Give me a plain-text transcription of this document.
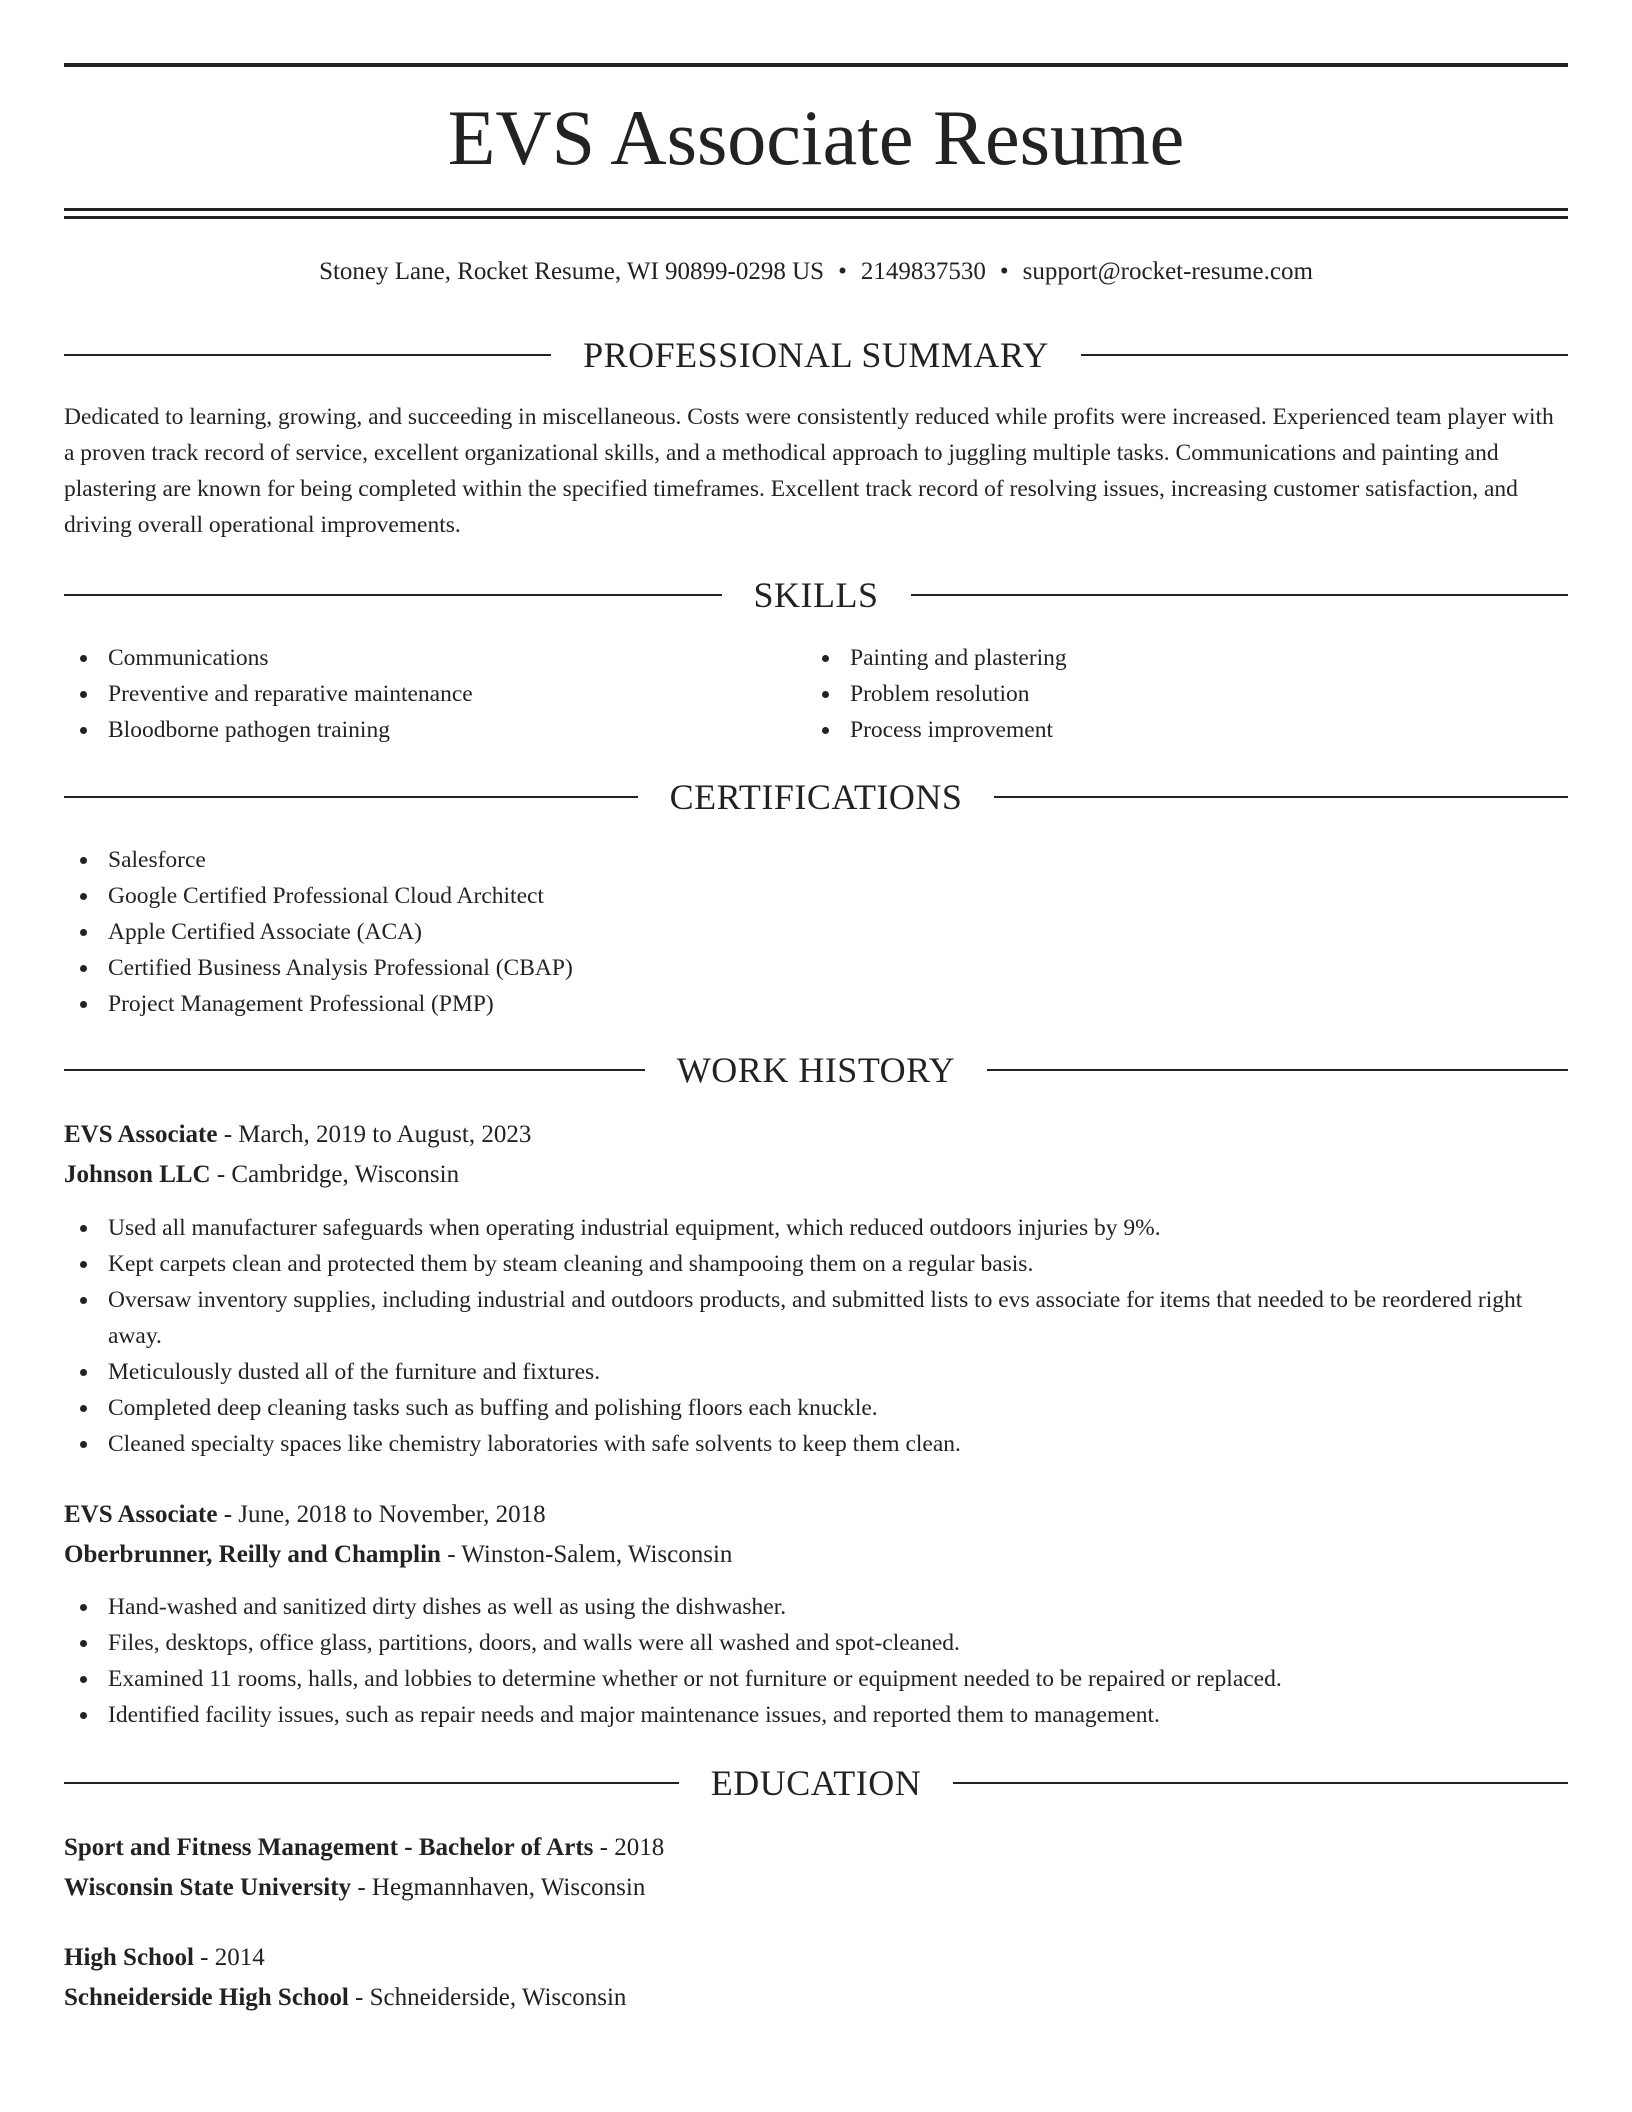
EVS Associate Resume
Stoney Lane, Rocket Resume, WI 90899-0298 US • 2149837530 • support@rocket-resume.com
PROFESSIONAL SUMMARY

Dedicated to learning, growing, and succeeding in miscellaneous. Costs were consistently reduced while profits were increased. Experienced team player with a proven track record of service, excellent organizational skills, and a methodical approach to juggling multiple tasks. Communications and painting and plastering are known for being completed within the specified timeframes. Excellent track record of resolving issues, increasing customer satisfaction, and driving overall operational improvements.

SKILLS
Communications
Preventive and reparative maintenance
Bloodborne pathogen training
Painting and plastering
Problem resolution
Process improvement
CERTIFICATIONS
Salesforce
Google Certified Professional Cloud Architect
Apple Certified Associate (ACA)
Certified Business Analysis Professional (CBAP)
Project Management Professional (PMP)
WORK HISTORY
EVS Associate - March, 2019 to August, 2023
Johnson LLC - Cambridge, Wisconsin
Used all manufacturer safeguards when operating industrial equipment, which reduced outdoors injuries by 9%.
Kept carpets clean and protected them by steam cleaning and shampooing them on a regular basis.
Oversaw inventory supplies, including industrial and outdoors products, and submitted lists to evs associate for items that needed to be reordered right away.
Meticulously dusted all of the furniture and fixtures.
Completed deep cleaning tasks such as buffing and polishing floors each knuckle.
Cleaned specialty spaces like chemistry laboratories with safe solvents to keep them clean.
EVS Associate - June, 2018 to November, 2018
Oberbrunner, Reilly and Champlin - Winston-Salem, Wisconsin
Hand-washed and sanitized dirty dishes as well as using the dishwasher.
Files, desktops, office glass, partitions, doors, and walls were all washed and spot-cleaned.
Examined 11 rooms, halls, and lobbies to determine whether or not furniture or equipment needed to be repaired or replaced.
Identified facility issues, such as repair needs and major maintenance issues, and reported them to management.
EDUCATION
Sport and Fitness Management - Bachelor of Arts - 2018
Wisconsin State University - Hegmannhaven, Wisconsin
High School - 2014
Schneiderside High School - Schneiderside, Wisconsin
